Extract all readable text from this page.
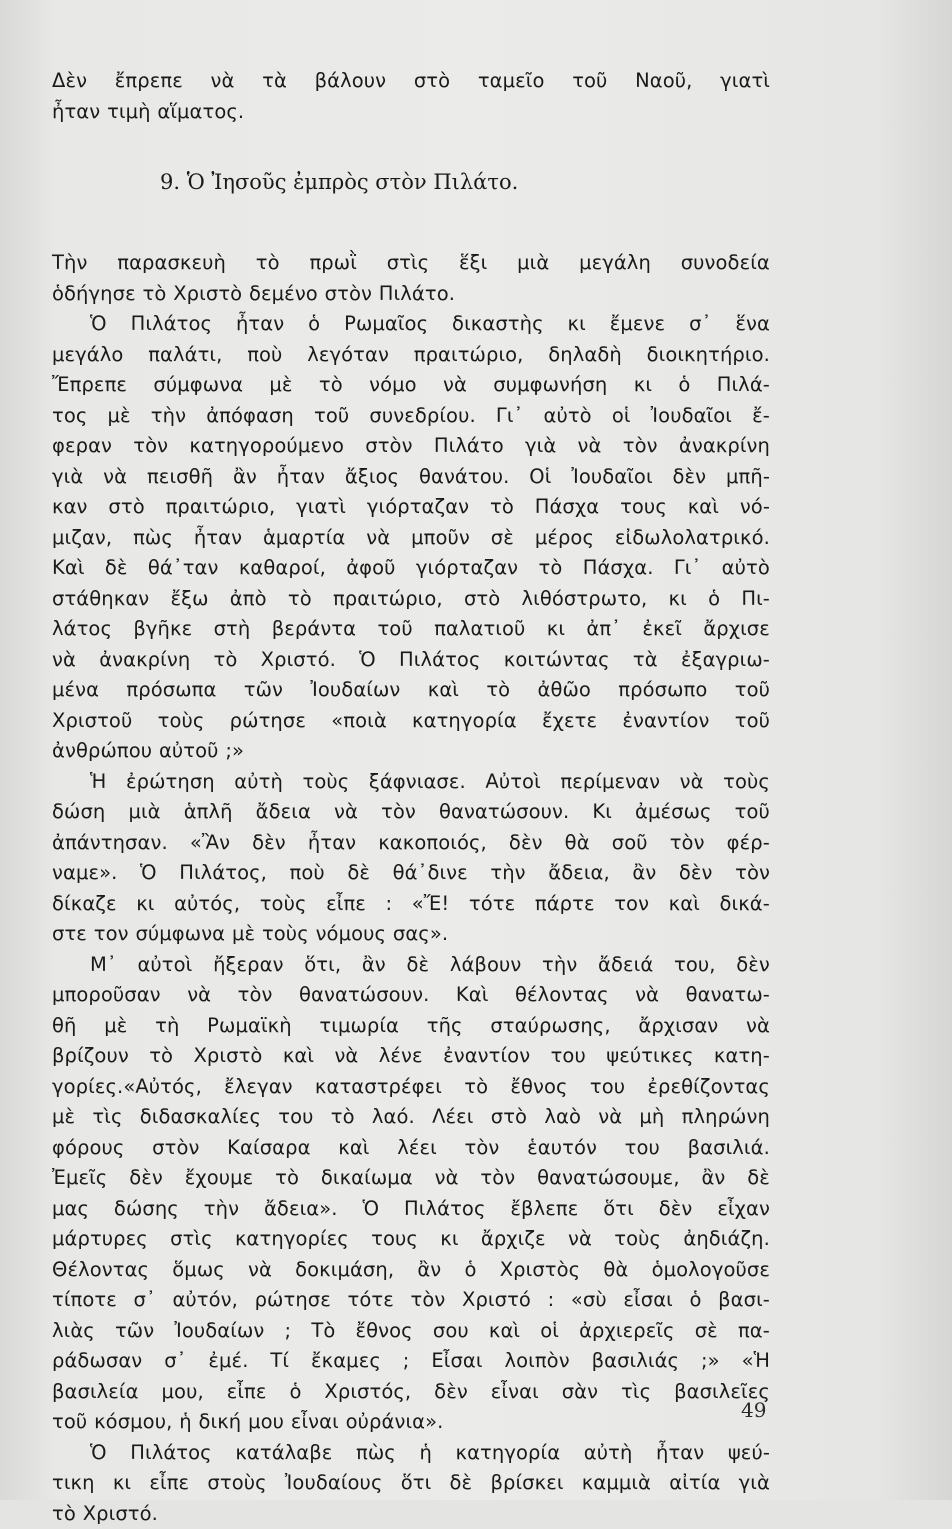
Δὲν ἔπρεπε νὰ τὰ βάλουν στὸ ταμεῖο τοῦ Ναοῦ, γιατὶ
ἦταν τιμὴ αἵματος.
9. Ὁ Ἰησοῦς ἐμπρὸς στὸν Πιλάτο.
Τὴν παρασκευὴ τὸ πρωῒ στὶς ἕξι μιὰ μεγάλη συνοδεία
ὁδήγησε τὸ Χριστὸ δεμένο στὸν Πιλάτο.
Ὁ Πιλάτος ἦταν ὁ Ρωμαῖος δικαστὴς κι ἔμενε σ᾿ ἕνα
μεγάλο παλάτι, ποὺ λεγόταν πραιτώριο, δηλαδὴ διοικητήριο.
Ἔπρεπε σύμφωνα μὲ τὸ νόμο νὰ συμφωνήση κι ὁ Πιλά-
τος μὲ τὴν ἀπόφαση τοῦ συνεδρίου. Γι᾿ αὐτὸ οἱ Ἰουδαῖοι ἔ-
φεραν τὸν κατηγορούμενο στὸν Πιλάτο γιὰ νὰ τὸν ἀνακρίνη
γιὰ νὰ πεισθῆ ἂν ἦταν ἄξιος θανάτου. Οἱ Ἰουδαῖοι δὲν μπῆ-
καν στὸ πραιτώριο, γιατὶ γιόρταζαν τὸ Πάσχα τους καὶ νό-
μιζαν, πὼς ἦταν ἁμαρτία νὰ μποῦν σὲ μέρος εἰδωλολατρικό.
Καὶ δὲ θά᾿ταν καθαροί, ἀφοῦ γιόρταζαν τὸ Πάσχα. Γι᾿ αὐτὸ
στάθηκαν ἔξω ἀπὸ τὸ πραιτώριο, στὸ λιθόστρωτο, κι ὁ Πι-
λάτος βγῆκε στὴ βεράντα τοῦ παλατιοῦ κι ἀπ᾿ ἐκεῖ ἄρχισε
νὰ ἀνακρίνη τὸ Χριστό. Ὁ Πιλάτος κοιτώντας τὰ ἐξαγριω-
μένα πρόσωπα τῶν Ἰουδαίων καὶ τὸ ἀθῶο πρόσωπο τοῦ
Χριστοῦ τοὺς ρώτησε «ποιὰ κατηγορία ἔχετε ἐναντίον τοῦ
ἀνθρώπου αὐτοῦ ;»
Ἡ ἐρώτηση αὐτὴ τοὺς ξάφνιασε. Αὐτοὶ περίμεναν νὰ τοὺς
δώση μιὰ ἁπλῆ ἄδεια νὰ τὸν θανατώσουν. Κι ἀμέσως τοῦ
ἀπάντησαν. «Ἂν δὲν ἦταν κακοποιός, δὲν θὰ σοῦ τὸν φέρ-
ναμε». Ὁ Πιλάτος, ποὺ δὲ θά᾿δινε τὴν ἄδεια, ἂν δὲν τὸν
δίκαζε κι αὐτός, τοὺς εἶπε : «Ἔ! τότε πάρτε τον καὶ δικά-
στε τον σύμφωνα μὲ τοὺς νόμους σας».
Μ᾿ αὐτοὶ ἤξεραν ὅτι, ἂν δὲ λάβουν τὴν ἄδειά του, δὲν
μποροῦσαν νὰ τὸν θανατώσουν. Καὶ θέλοντας νὰ θανατω-
θῆ μὲ τὴ Ρωμαϊκὴ τιμωρία τῆς σταύρωσης, ἄρχισαν νὰ
βρίζουν τὸ Χριστὸ καὶ νὰ λένε ἐναντίον του ψεύτικες κατη-
γορίες.«Αὐτός, ἔλεγαν καταστρέφει τὸ ἔθνος του ἐρεθίζοντας
μὲ τὶς διδασκαλίες του τὸ λαό. Λέει στὸ λαὸ νὰ μὴ πληρώνη
φόρους στὸν Καίσαρα καὶ λέει τὸν ἑαυτόν του βασιλιά.
Ἐμεῖς δὲν ἔχουμε τὸ δικαίωμα νὰ τὸν θανατώσουμε, ἂν δὲ
μας δώσης τὴν ἄδεια». Ὁ Πιλάτος ἔβλεπε ὅτι δὲν εἶχαν
μάρτυρες στὶς κατηγορίες τους κι ἄρχιζε νὰ τοὺς ἀηδιάζη.
Θέλοντας ὅμως νὰ δοκιμάση, ἂν ὁ Χριστὸς θὰ ὁμολογοῦσε
τίποτε σ᾿ αὐτόν, ρώτησε τότε τὸν Χριστό : «σὺ εἶσαι ὁ βασι-
λιὰς τῶν Ἰουδαίων ; Τὸ ἔθνος σου καὶ οἱ ἀρχιερεῖς σὲ πα-
ράδωσαν σ᾿ ἐμέ. Τί ἔκαμες ; Εἶσαι λοιπὸν βασιλιάς ;» «Ἡ
βασιλεία μου, εἶπε ὁ Χριστός, δὲν εἶναι σὰν τὶς βασιλεῖες
τοῦ κόσμου, ἡ δική μου εἶναι οὐράνια».
Ὁ Πιλάτος κατάλαβε πὼς ἡ κατηγορία αὐτὴ ἦταν ψεύ-
τικη κι εἶπε στοὺς Ἰουδαίους ὅτι δὲ βρίσκει καμμιὰ αἰτία γιὰ
τὸ Χριστό.
49
